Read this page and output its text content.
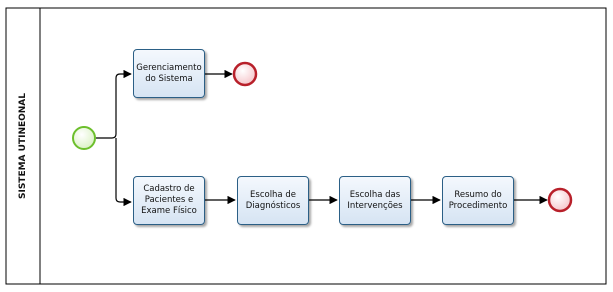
SISTEMA UTINEONAL
Gerenciamento
do Sistema
Cadastro de
Pacientes e
Exame Físico
Escolha de
Diagnósticos
Escolha das
Intervenções
Resumo do
Procedimento
